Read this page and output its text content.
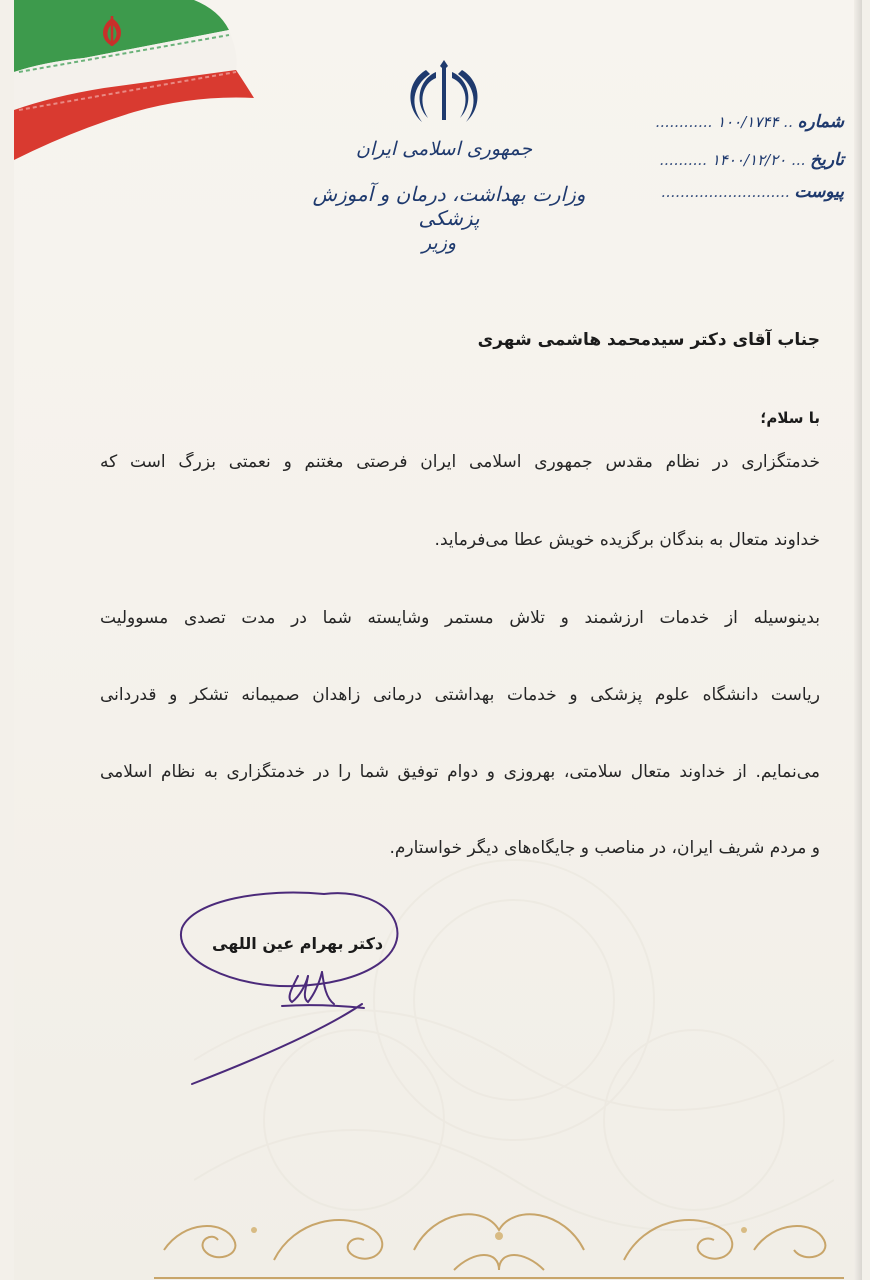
جمهوری اسلامی ایران
وزارت بهداشت، درمان و آموزش پزشکی
وزیر
شماره .. ۱۰۰/۱۷۴۴ ............
تاریخ ... ۱۴۰۰/۱۲/۲۰ ..........
پیوست ...........................
جناب آقای دکتر سیدمحمد هاشمی شهری
با سلام؛
خدمتگزاری در نظام مقدس جمهوری اسلامی ایران فرصتی مغتنم و نعمتی بزرگ است که
خداوند متعال به بندگان برگزیده خویش عطا می‌فرماید.
بدینوسیله از خدمات ارزشمند و تلاش مستمر وشایسته شما در مدت تصدی مسوولیت
ریاست دانشگاه علوم پزشکی و خدمات بهداشتی درمانی زاهدان صمیمانه تشکر و قدردانی
می‌نمایم. از خداوند متعال سلامتی، بهروزی و دوام توفیق شما را در خدمتگزاری به نظام اسلامی
و مردم شریف ایران، در مناصب و جایگاه‌های دیگر خواستارم.
دکتر بهرام عین اللهی
